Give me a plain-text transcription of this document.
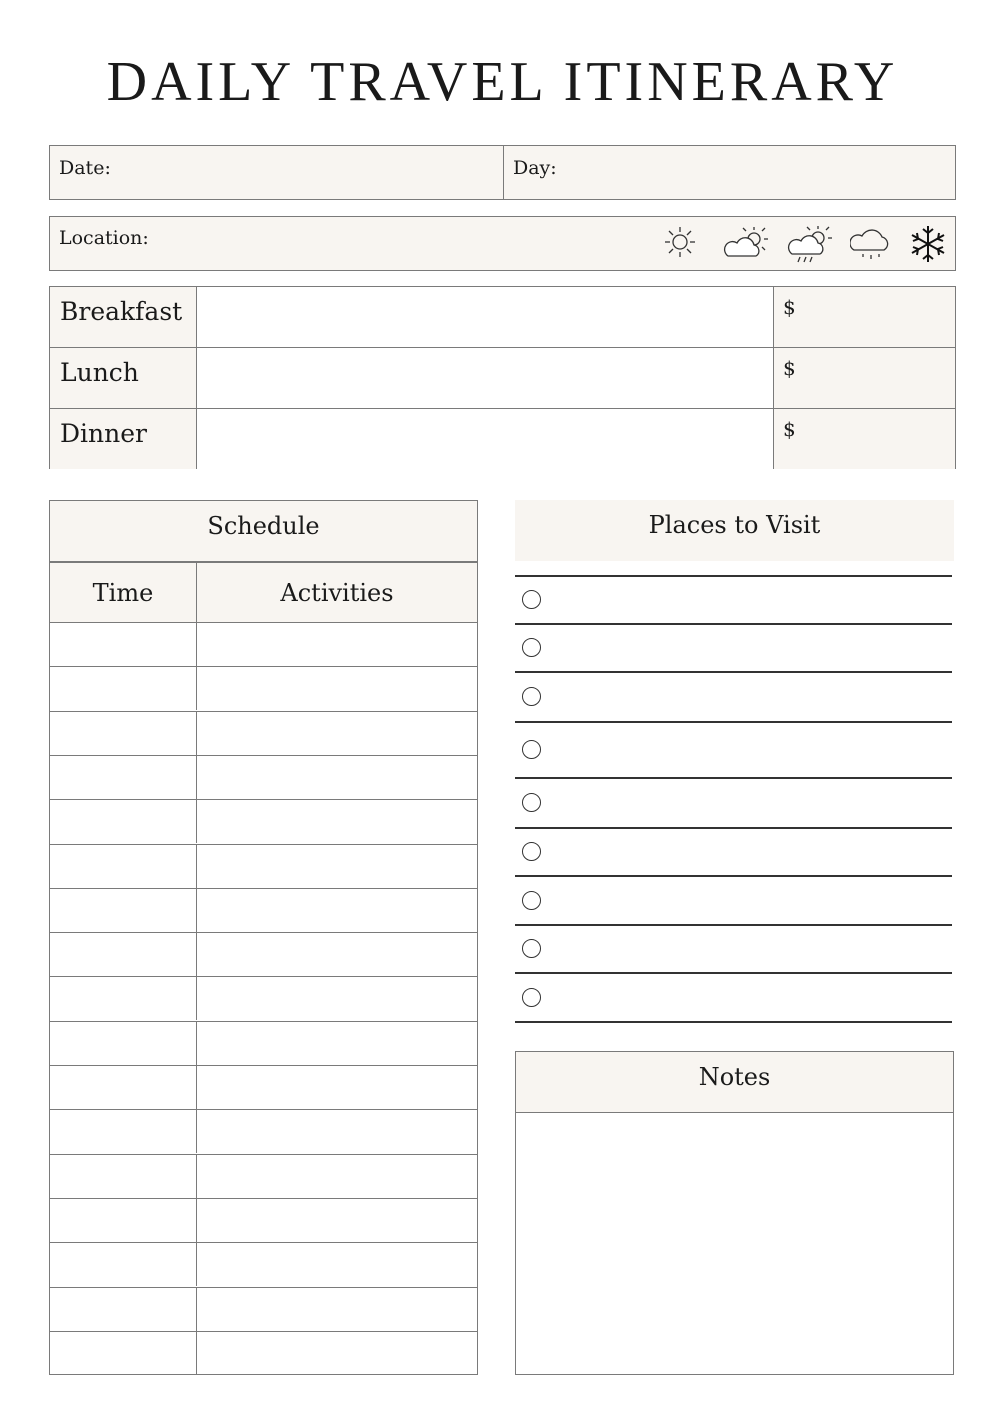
DAILY TRAVEL ITINERARY
Date:	Day:
Location:
Breakfast	$
Lunch	$
Dinner	$
Schedule
Time	Activities
Places to Visit
Notes
